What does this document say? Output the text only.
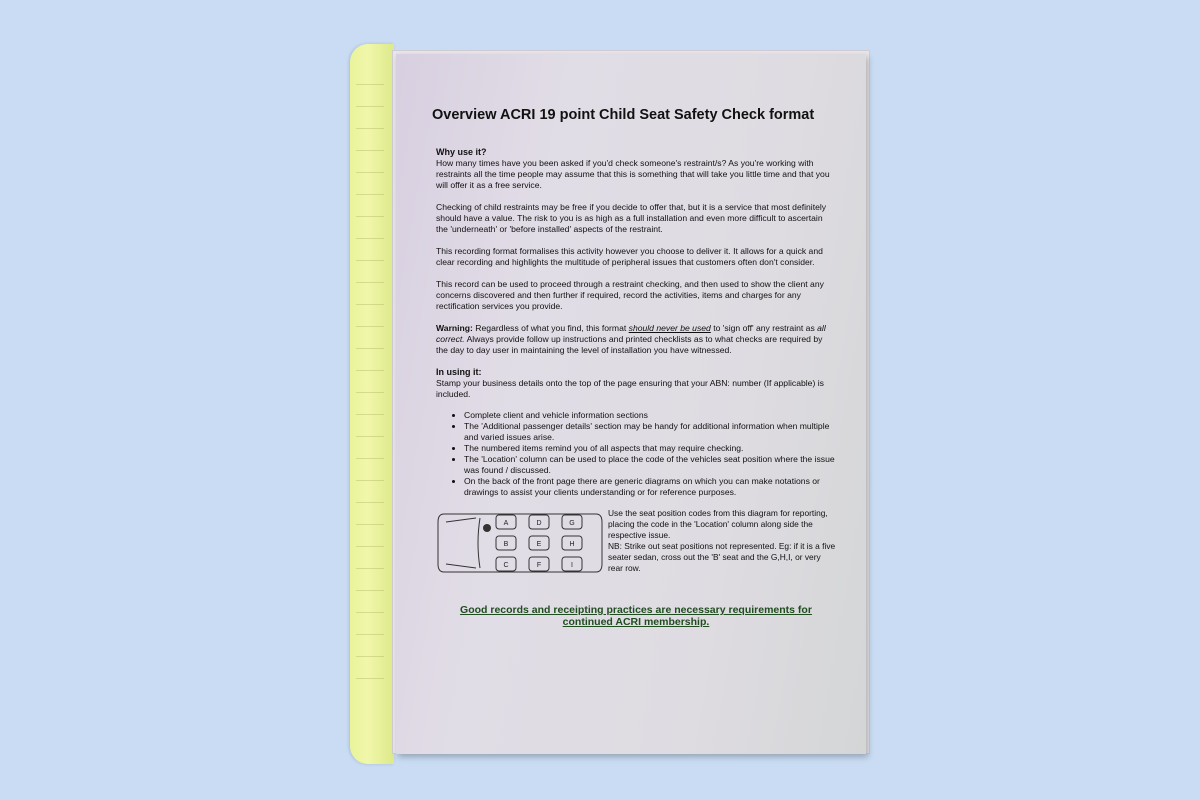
Overview ACRI 19 point Child Seat Safety Check format
Why use it?

How many times have you been asked if you'd check someone's restraint/s? As you're working with restraints all the time people may assume that this is something that will take you little time and that you will offer it as a free service.

Checking of child restraints may be free if you decide to offer that, but it is a service that most definitely should have a value. The risk to you is as high as a full installation and even more difficult to ascertain the 'underneath' or 'before installed' aspects of the restraint.

This recording format formalises this activity however you choose to deliver it. It allows for a quick and clear recording and highlights the multitude of peripheral issues that customers often don't consider.

This record can be used to proceed through a restraint checking, and then used to show the client any concerns discovered and then further if required, record the activities, items and charges for any rectification services you provide.

Warning: Regardless of what you find, this format should never be used to 'sign off' any restraint as all correct. Always provide follow up instructions and printed checklists as to what checks are required by the day to day user in maintaining the level of installation you have witnessed.

In using it:
Stamp your business details onto the top of the page ensuring that your ABN: number (If applicable) is included.
• Complete client and vehicle information sections
• The 'Additional passenger details' section may be handy for additional information when multiple and varied issues arise.
• The numbered items remind you of all aspects that may require checking.
• The 'Location' column can be used to place the code of the vehicles seat position where the issue was found / discussed.
• On the back of the front page there are generic diagrams on which you can make notations or drawings to assist your clients understanding or for reference purposes.
A	D	G
B	E	H
C	F	I
Use the seat position codes from this diagram for reporting, placing the code in the 'Location' column along side the respective issue.
NB: Strike out seat positions not represented. Eg: if it is a five seater sedan, cross out the 'B' seat and the G,H,I, or very rear row.
Good records and receipting practices are necessary requirements for
continued ACRI membership.
